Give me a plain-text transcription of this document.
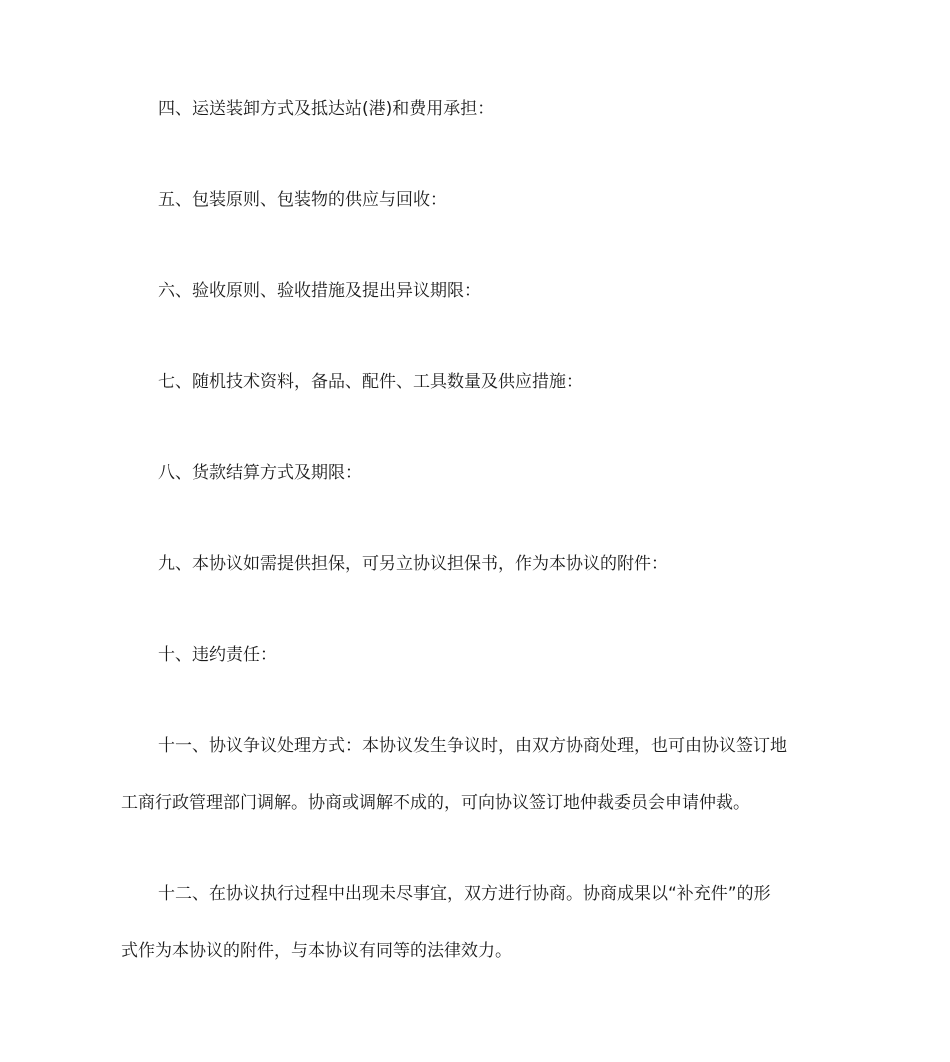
四、运送装卸方式及抵达站(港)和费用承担：
五、包装原则、包装物的供应与回收：
六、验收原则、验收措施及提出异议期限：
七、随机技术资料，备品、配件、工具数量及供应措施：
八、货款结算方式及期限：
九、本协议如需提供担保，可另立协议担保书，作为本协议的附件：
十、违约责任：
十一、协议争议处理方式：本协议发生争议时，由双方协商处理，也可由协议签订地
工商行政管理部门调解。协商或调解不成的，可向协议签订地仲裁委员会申请仲裁。
十二、在协议执行过程中出现未尽事宜，双方进行协商。协商成果以“补充件”的形
式作为本协议的附件，与本协议有同等的法律效力。
